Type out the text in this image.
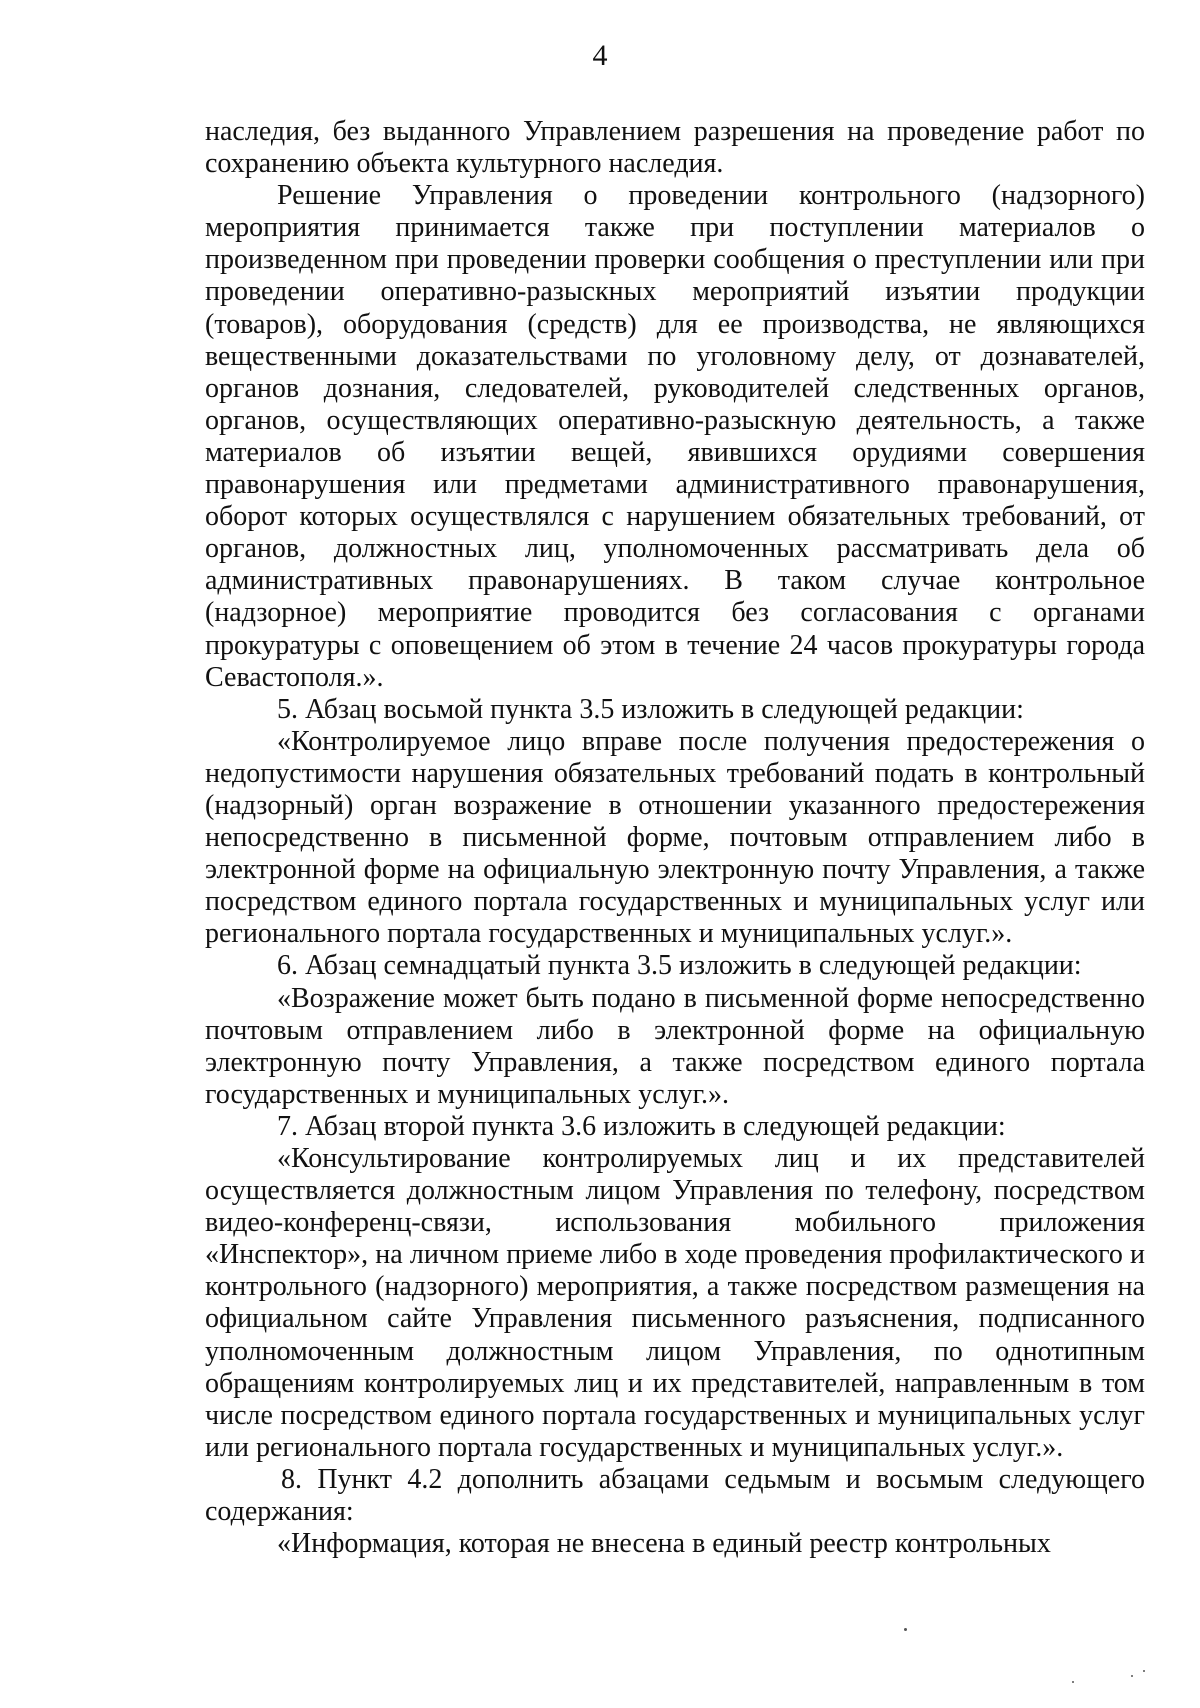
4

наследия, без выданного Управлением разрешения на проведение работ по сохранению объекта культурного наследия.

Решение Управления о проведении контрольного (надзорного) мероприятия принимается также при поступлении материалов о произведенном при проведении проверки сообщения о преступлении или при проведении оперативно-разыскных мероприятий изъятии продукции (товаров), оборудования (средств) для ее производства, не являющихся вещественными доказательствами по уголовному делу, от дознавателей, органов дознания, следователей, руководителей следственных органов, органов, осуществляющих оперативно-разыскную деятельность, а также материалов об изъятии вещей, явившихся орудиями совершения правонарушения или предметами административного правонарушения, оборот которых осуществлялся с нарушением обязательных требований, от органов, должностных лиц, уполномоченных рассматривать дела об административных правонарушениях. В таком случае контрольное (надзорное) мероприятие проводится без согласования с органами прокуратуры с оповещением об этом в течение 24 часов прокуратуры города Севастополя.».

5. Абзац восьмой пункта 3.5 изложить в следующей редакции:

«Контролируемое лицо вправе после получения предостережения о недопустимости нарушения обязательных требований подать в контрольный (надзорный) орган возражение в отношении указанного предостережения непосредственно в письменной форме, почтовым отправлением либо в электронной форме на официальную электронную почту Управления, а также посредством единого портала государственных и муниципальных услуг или регионального портала государственных и муниципальных услуг.».

6. Абзац семнадцатый пункта 3.5 изложить в следующей редакции:

«Возражение может быть подано в письменной форме непосредственно почтовым отправлением либо в электронной форме на официальную электронную почту Управления, а также посредством единого портала государственных и муниципальных услуг.».

7. Абзац второй пункта 3.6 изложить в следующей редакции:

«Консультирование контролируемых лиц и их представителей осуществляется должностным лицом Управления по телефону, посредством видео-конференц-связи, использования мобильного приложения «Инспектор», на личном приеме либо в ходе проведения профилактического и контрольного (надзорного) мероприятия, а также посредством размещения на официальном сайте Управления письменного разъяснения, подписанного уполномоченным должностным лицом Управления, по однотипным обращениям контролируемых лиц и их представителей, направленным в том числе посредством единого портала государственных и муниципальных услуг или регионального портала государственных и муниципальных услуг.».

8. Пункт 4.2 дополнить абзацами седьмым и восьмым следующего содержания:

«Информация, которая не внесена в единый реестр контрольных
